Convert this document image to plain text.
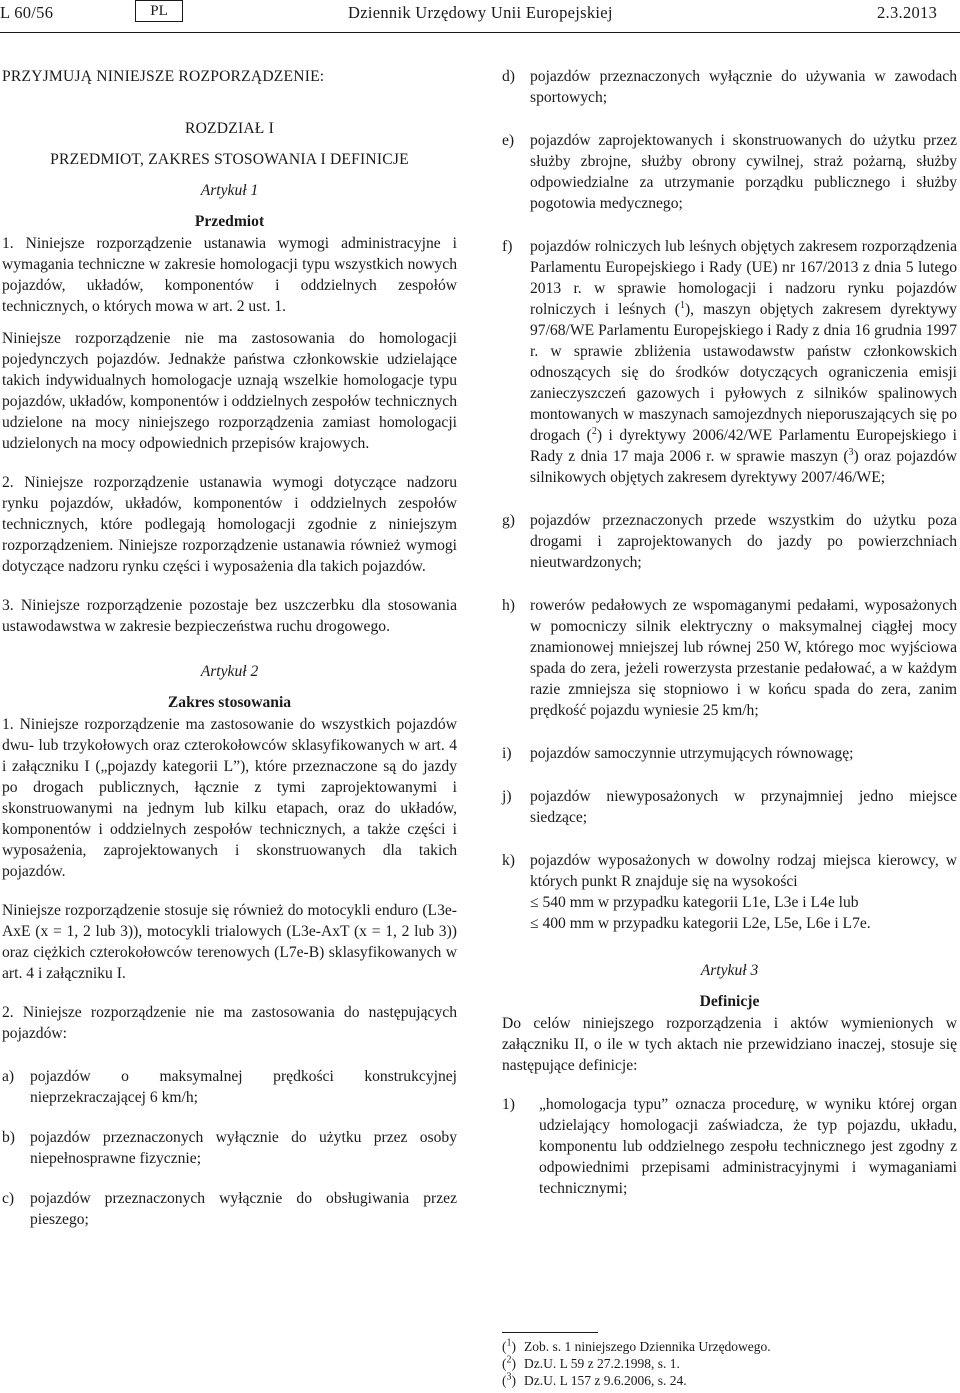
L 60/56	PL	Dziennik Urzędowy Unii Europejskiej	2.3.2013

PRZYJMUJĄ NINIEJSZE ROZPORZĄDZENIE:

ROZDZIAŁ I

PRZEDMIOT, ZAKRES STOSOWANIA I DEFINICJE

Artykuł 1

Przedmiot

1. Niniejsze rozporządzenie ustanawia wymogi administracyjne i wymagania techniczne w zakresie homologacji typu wszystkich nowych pojazdów, układów, komponentów i oddzielnych zespołów technicznych, o których mowa w art. 2 ust. 1.

Niniejsze rozporządzenie nie ma zastosowania do homologacji pojedynczych pojazdów. Jednakże państwa członkowskie udzielające takich indywidualnych homologacje uznają wszelkie homologacje typu pojazdów, układów, komponentów i oddzielnych zespołów technicznych udzielone na mocy niniejszego rozporządzenia zamiast homologacji udzielonych na mocy odpowiednich przepisów krajowych.

2. Niniejsze rozporządzenie ustanawia wymogi dotyczące nadzoru rynku pojazdów, układów, komponentów i oddzielnych zespołów technicznych, które podlegają homologacji zgodnie z niniejszym rozporządzeniem. Niniejsze rozporządzenie ustanawia również wymogi dotyczące nadzoru rynku części i wyposażenia dla takich pojazdów.

3. Niniejsze rozporządzenie pozostaje bez uszczerbku dla stosowania ustawodawstwa w zakresie bezpieczeństwa ruchu drogowego.

Artykuł 2

Zakres stosowania

1. Niniejsze rozporządzenie ma zastosowanie do wszystkich pojazdów dwu- lub trzykołowych oraz czterokołowców sklasyfikowanych w art. 4 i załączniku I („pojazdy kategorii L”), które przeznaczone są do jazdy po drogach publicznych, łącznie z tymi zaprojektowanymi i skonstruowanymi na jednym lub kilku etapach, oraz do układów, komponentów i oddzielnych zespołów technicznych, a także części i wyposażenia, zaprojektowanych i skonstruowanych dla takich pojazdów.

Niniejsze rozporządzenie stosuje się również do motocykli enduro (L3e-AxE (x = 1, 2 lub 3)), motocykli trialowych (L3e-AxT (x = 1, 2 lub 3)) oraz ciężkich czterokołowców terenowych (L7e-B) sklasyfikowanych w art. 4 i załączniku I.

2. Niniejsze rozporządzenie nie ma zastosowania do następujących pojazdów:

a) pojazdów o maksymalnej prędkości konstrukcyjnej nieprzekraczającej 6 km/h;
b) pojazdów przeznaczonych wyłącznie do użytku przez osoby niepełnosprawne fizycznie;
c) pojazdów przeznaczonych wyłącznie do obsługiwania przez pieszego;
d) pojazdów przeznaczonych wyłącznie do używania w zawodach sportowych;
e) pojazdów zaprojektowanych i skonstruowanych do użytku przez służby zbrojne, służby obrony cywilnej, straż pożarną, służby odpowiedzialne za utrzymanie porządku publicznego i służby pogotowia medycznego;
f) pojazdów rolniczych lub leśnych objętych zakresem rozporządzenia Parlamentu Europejskiego i Rady (UE) nr 167/2013 z dnia 5 lutego 2013 r. w sprawie homologacji i nadzoru rynku pojazdów rolniczych i leśnych ($^1$), maszyn objętych zakresem dyrektywy 97/68/WE Parlamentu Europejskiego i Rady z dnia 16 grudnia 1997 r. w sprawie zbliżenia ustawodawstw państw członkowskich odnoszących się do środków dotyczących ograniczenia emisji zanieczyszczeń gazowych i pyłowych z silników spalinowych montowanych w maszynach samojezdnych nieporuszających się po drogach ($^2$) i dyrektywy 2006/42/WE Parlamentu Europejskiego i Rady z dnia 17 maja 2006 r. w sprawie maszyn ($^3$) oraz pojazdów silnikowych objętych zakresem dyrektywy 2007/46/WE;
g) pojazdów przeznaczonych przede wszystkim do użytku poza drogami i zaprojektowanych do jazdy po powierzchniach nieutwardzonych;
h) rowerów pedałowych ze wspomaganymi pedałami, wyposażonych w pomocniczy silnik elektryczny o maksymalnej ciągłej mocy znamionowej mniejszej lub równej 250 W, którego moc wyjściowa spada do zera, jeżeli rowerzysta przestanie pedałować, a w każdym razie zmniejsza się stopniowo i w końcu spada do zera, zanim prędkość pojazdu wyniesie 25 km/h;
i) pojazdów samoczynnie utrzymujących równowagę;
j) pojazdów niewyposażonych w przynajmniej jedno miejsce siedzące;
k) pojazdów wyposażonych w dowolny rodzaj miejsca kierowcy, w których punkt R znajduje się na wysokości
≤ 540 mm w przypadku kategorii L1e, L3e i L4e lub
≤ 400 mm w przypadku kategorii L2e, L5e, L6e i L7e.

Artykuł 3

Definicje

Do celów niniejszego rozporządzenia i aktów wymienionych w załączniku II, o ile w tych aktach nie przewidziano inaczej, stosuje się następujące definicje:

1) „homologacja typu” oznacza procedurę, w wyniku której organ udzielający homologacji zaświadcza, że typ pojazdu, układu, komponentu lub oddzielnego zespołu technicznego jest zgodny z odpowiednimi przepisami administracyjnymi i wymaganiami technicznymi;
($^1$) Zob. s. 1 niniejszego Dziennika Urzędowego.
($^2$) Dz.U. L 59 z 27.2.1998, s. 1.
($^3$) Dz.U. L 157 z 9.6.2006, s. 24.
